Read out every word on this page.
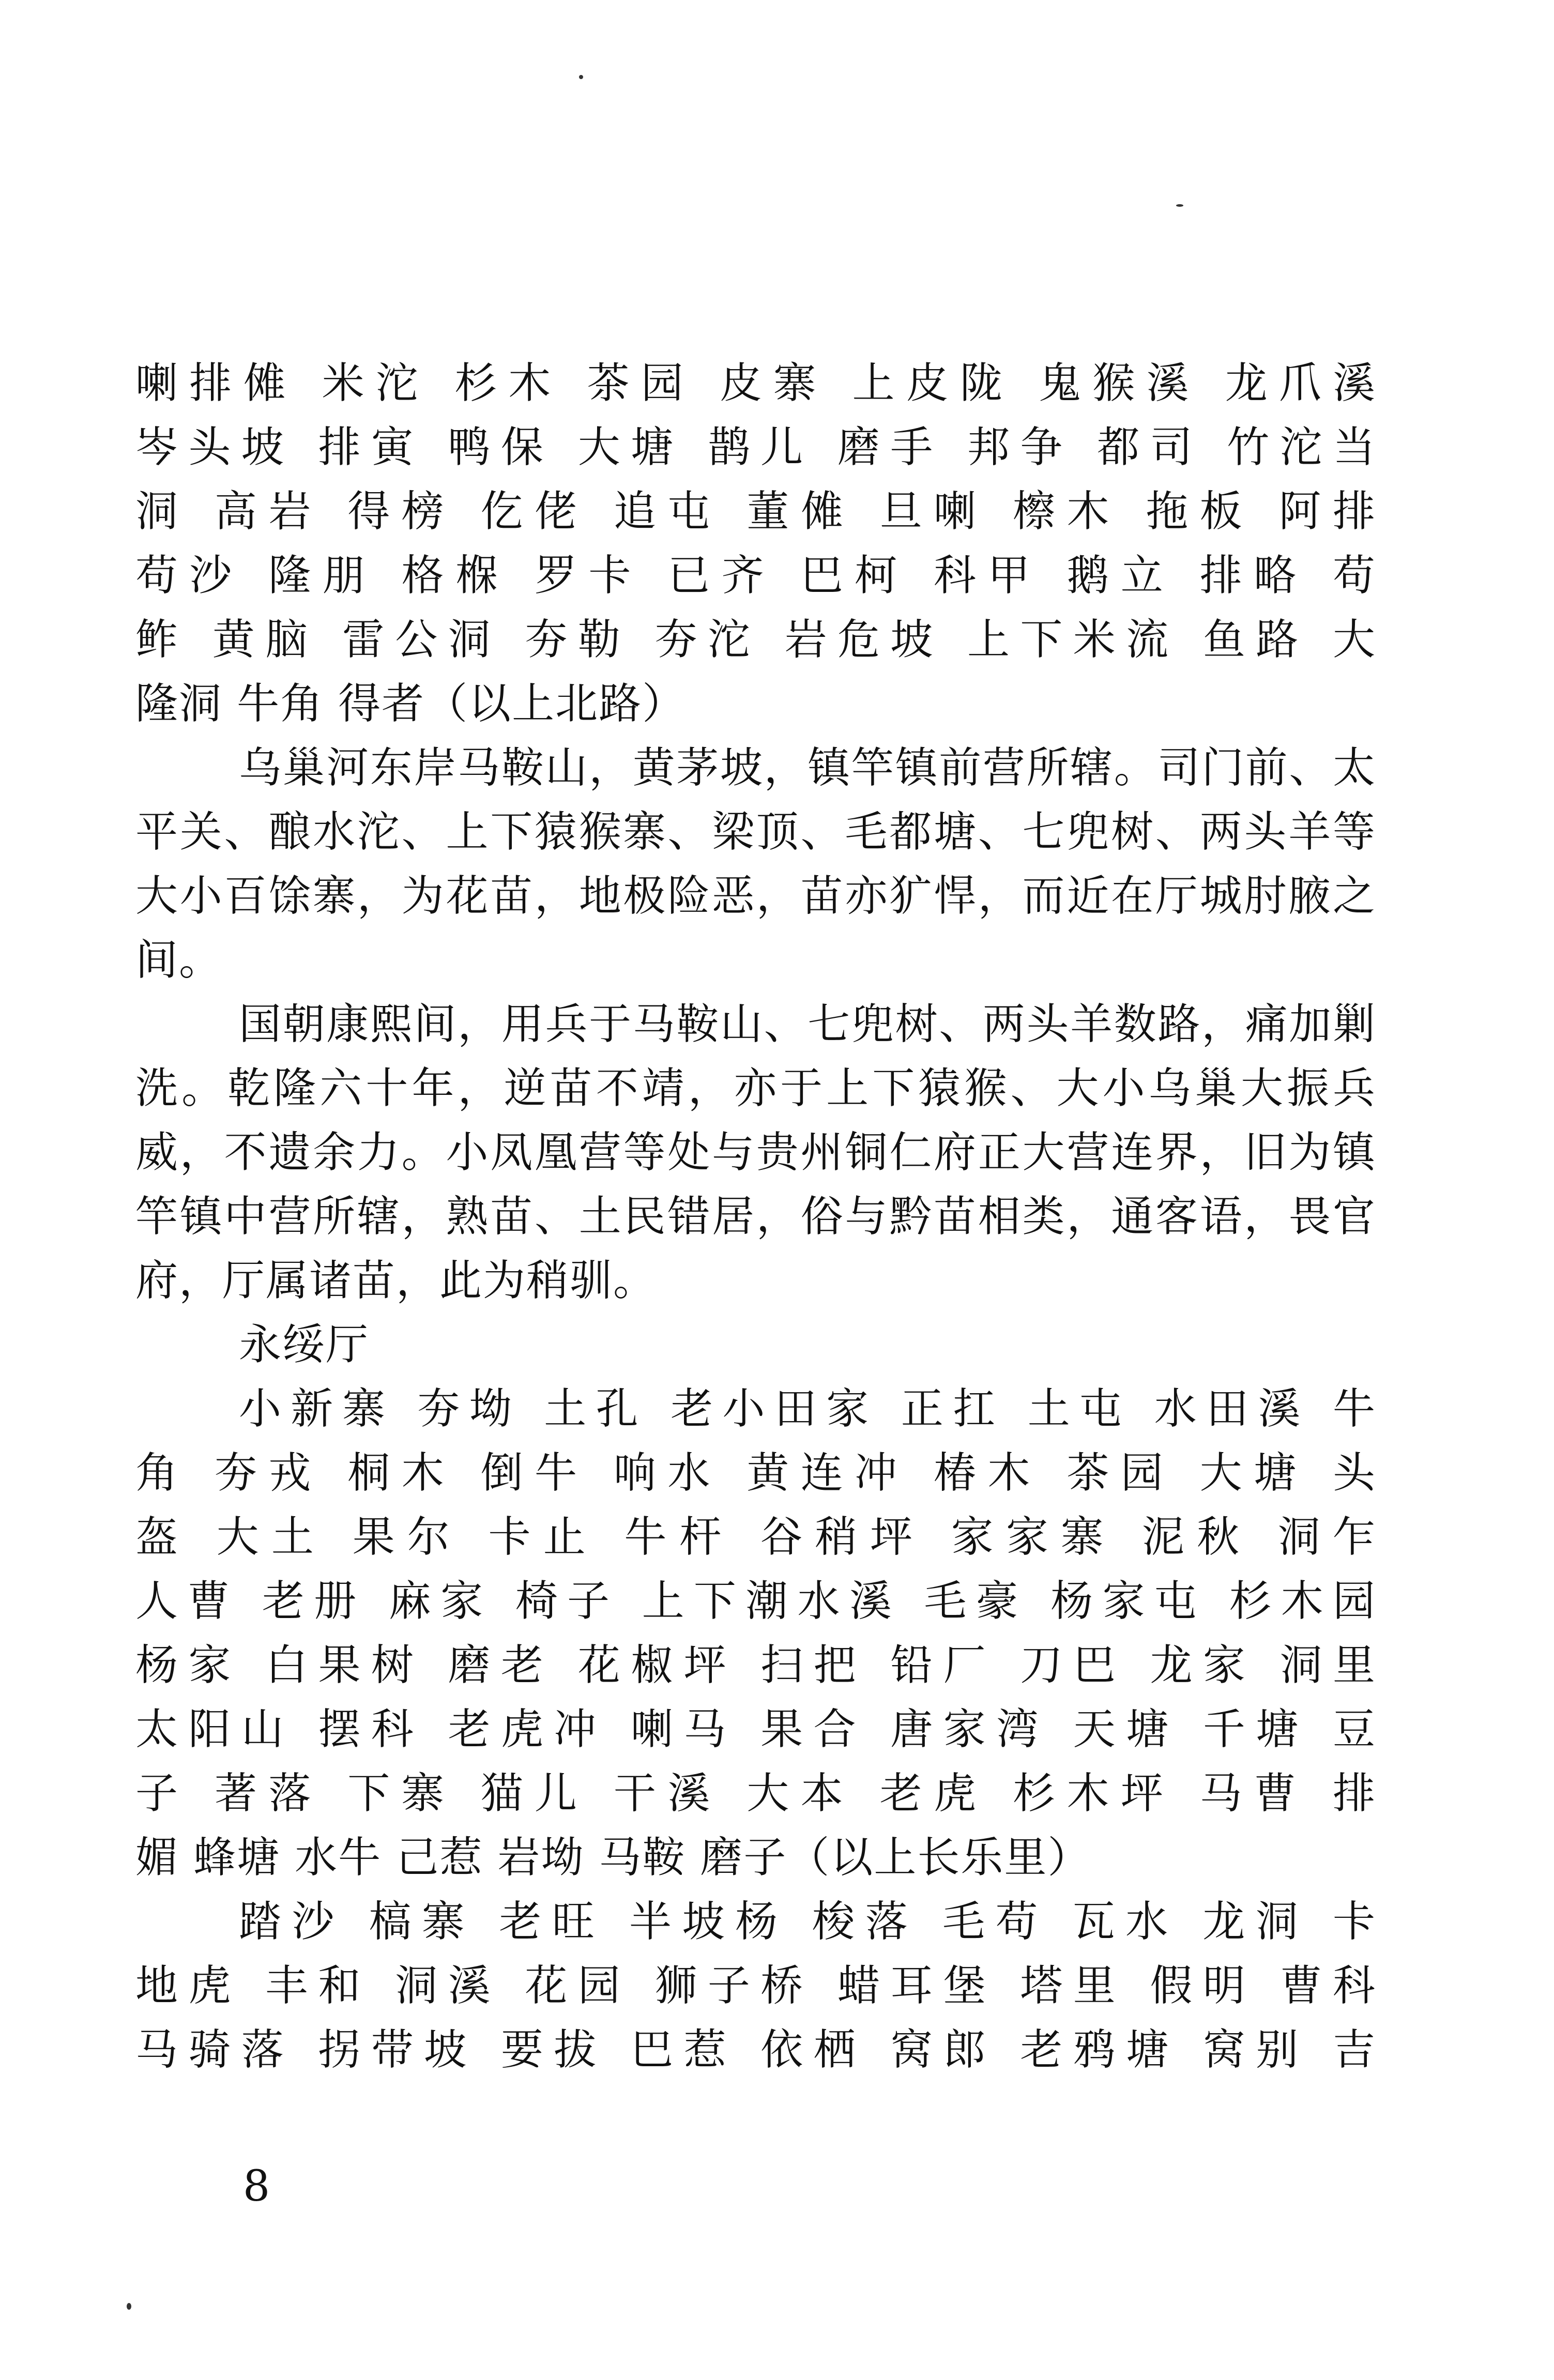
喇排傩 米沱 杉木 茶园 皮寨 上皮陇 鬼猴溪 龙爪溪
岑头坡 排寅 鸭保 大塘 鹊儿 磨手 邦争 都司 竹沱当
洞 高岩 得榜 仡佬 追屯 董傩 旦喇 檫木 拖板 阿排
苟沙 隆朋 格椺 罗卡 已齐 巴柯 科甲 鹅立 排略 苟
鲊 黄脑 雷公洞 夯勒 夯沱 岩危坡 上下米流 鱼路 大
隆洞 牛角 得者（以上北路）
乌巢河东岸马鞍山，黄茅坡，镇竿镇前营所辖。司门前、太
平关、酿水沱、上下猿猴寨、梁顶、毛都塘、七兜树、两头羊等
大小百馀寨，为花苗，地极险恶，苗亦犷悍，而近在厅城肘腋之
间。
国朝康熙间，用兵于马鞍山、七兜树、两头羊数路，痛加剿
洗。乾隆六十年，逆苗不靖，亦于上下猿猴、大小乌巢大振兵
威，不遗余力。小凤凰营等处与贵州铜仁府正大营连界，旧为镇
竿镇中营所辖，熟苗、土民错居，俗与黔苗相类，通客语，畏官
府，厅属诸苗，此为稍驯。
永绥厅
小新寨 夯坳 土孔 老小田家 正扛 土屯 水田溪 牛
角 夯戎 桐木 倒牛 响水 黄连冲 椿木 茶园 大塘 头
盔 大土 果尔 卡止 牛杆 谷稍坪 家家寨 泥秋 洞乍
人曹 老册 麻家 椅子 上下潮水溪 毛豪 杨家屯 杉木园
杨家 白果树 磨老 花椒坪 扫把 铅厂 刀巴 龙家 洞里
太阳山 摆科 老虎冲 喇马 果合 唐家湾 天塘 千塘 豆
子 著落 下寨 猫儿 干溪 大本 老虎 杉木坪 马曹 排
媚 蜂塘 水牛 己惹 岩坳 马鞍 磨子（以上长乐里）
踏沙 槁寨 老旺 半坡杨 梭落 毛苟 瓦水 龙洞 卡
地虎 丰和 洞溪 花园 狮子桥 蜡耳堡 塔里 假明 曹科
马骑落 拐带坡 要拔 巴惹 依栖 窝郎 老鸦塘 窝别 吉
8
